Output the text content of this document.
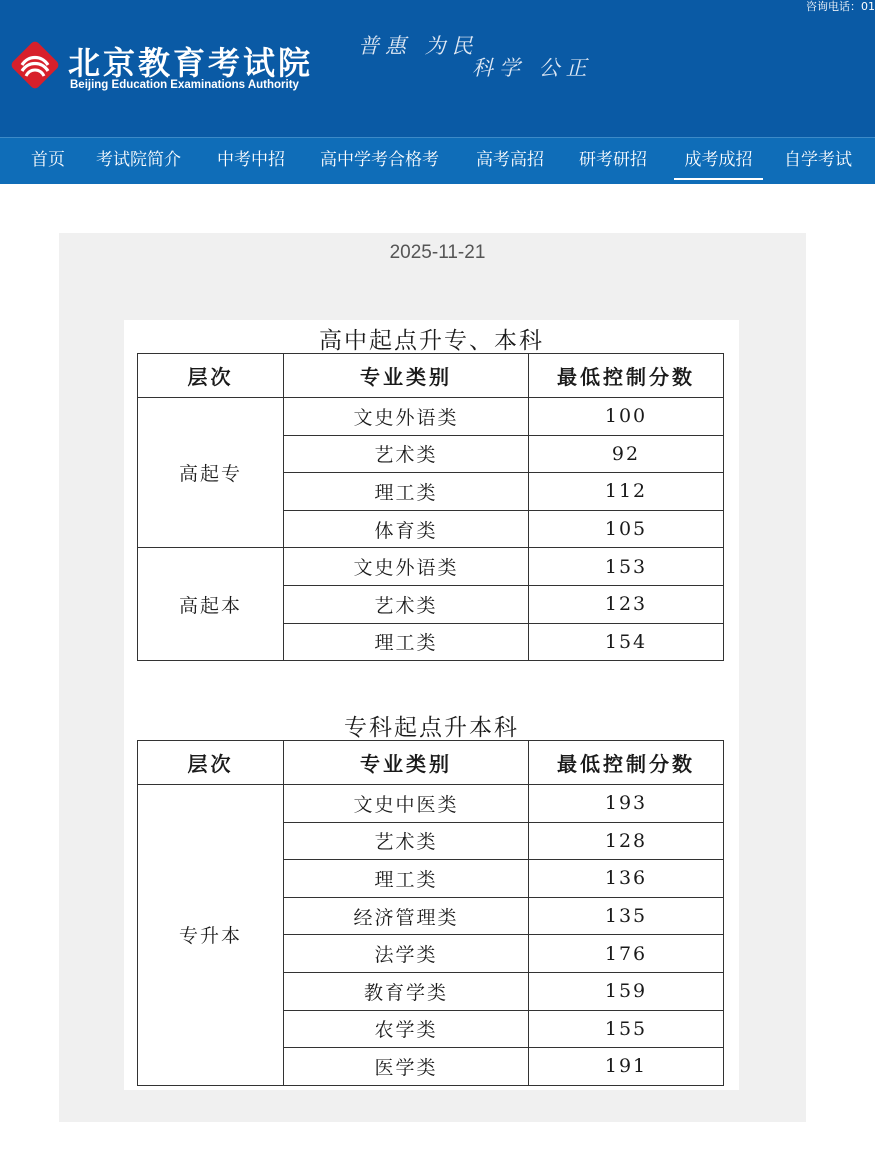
咨询电话：01
北京教育考试院
Beijing Education Examinations Authority
普惠 为民
科学 公正
首页 考试院简介 中考中招 高中学考合格考 高考高招 研考研招	成考成招	自学考试
2025-11-21
高中起点升专、本科
层次	专业类别	最低控制分数
高起专	文史外语类	100
	艺术类	92
	理工类	112
	体育类	105
高起本	文史外语类	153
	艺术类	123
	理工类	154
专科起点升本科
层次	专业类别	最低控制分数
专升本	文史中医类	193
	艺术类	128
	理工类	136
	经济管理类	135
	法学类	176
	教育学类	159
	农学类	155
	医学类	191
